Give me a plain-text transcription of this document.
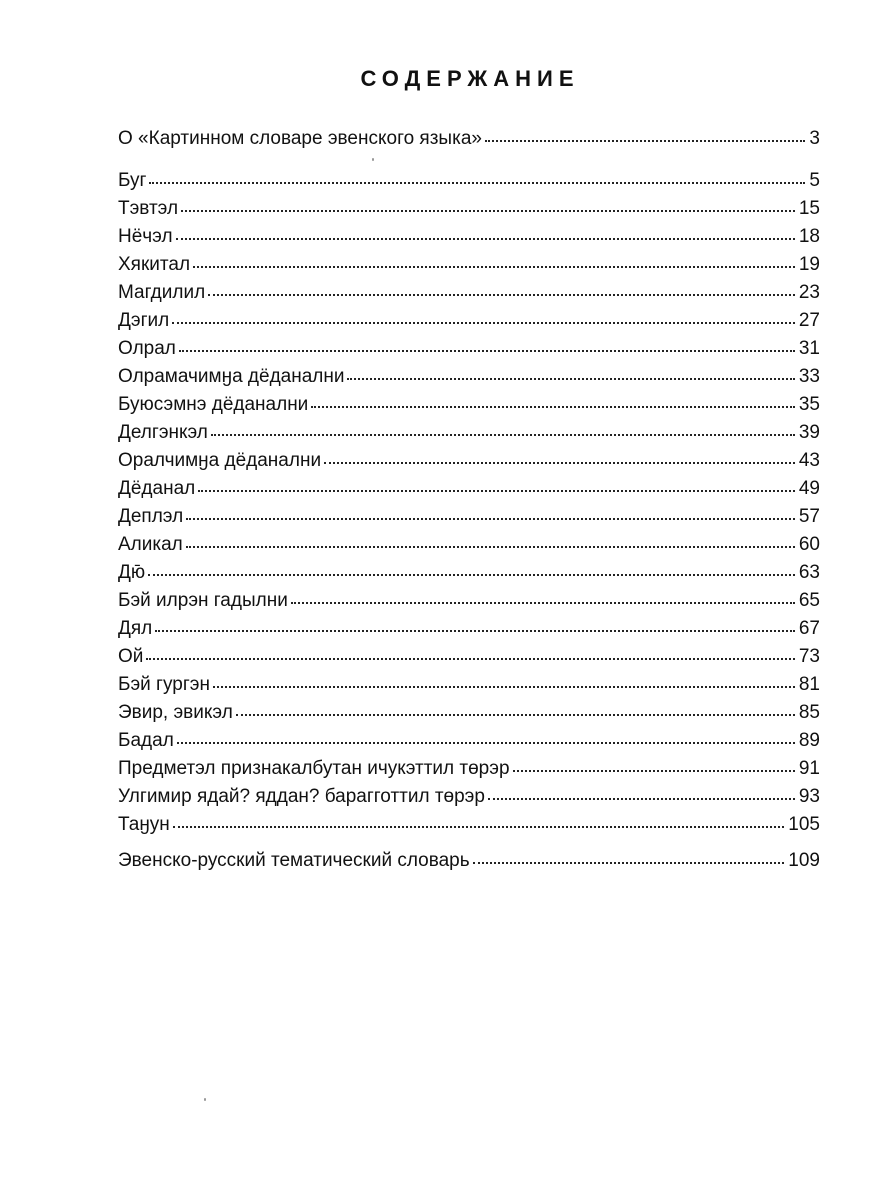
СОДЕРЖАНИЕ
О «Картинном словаре эвенского языка»	3
Буг	5
Тэвтэл	15
Нёчэл	18
Хякитал	19
Магдилил	23
Дэгил	27
Олрал	31
Олрамачимӈа дёданални	33
Буюсэмнэ дёданални	35
Делгэнкэл	39
Оралчимӈа дёданални	43
Дёданал	49
Деплэл	57
Аликал	60
Дю̄	63
Бэй илрэн гадылни	65
Дял	67
Ой	73
Бэй гургэн	81
Эвир, эвикэл	85
Бадал	89
Предметэл признакалбутан ичукэттил төрэр	91
Улгимир ядай? яддан? барагготтил төрэр	93
Таӈун	105
Эвенско-русский тематический словарь	109
